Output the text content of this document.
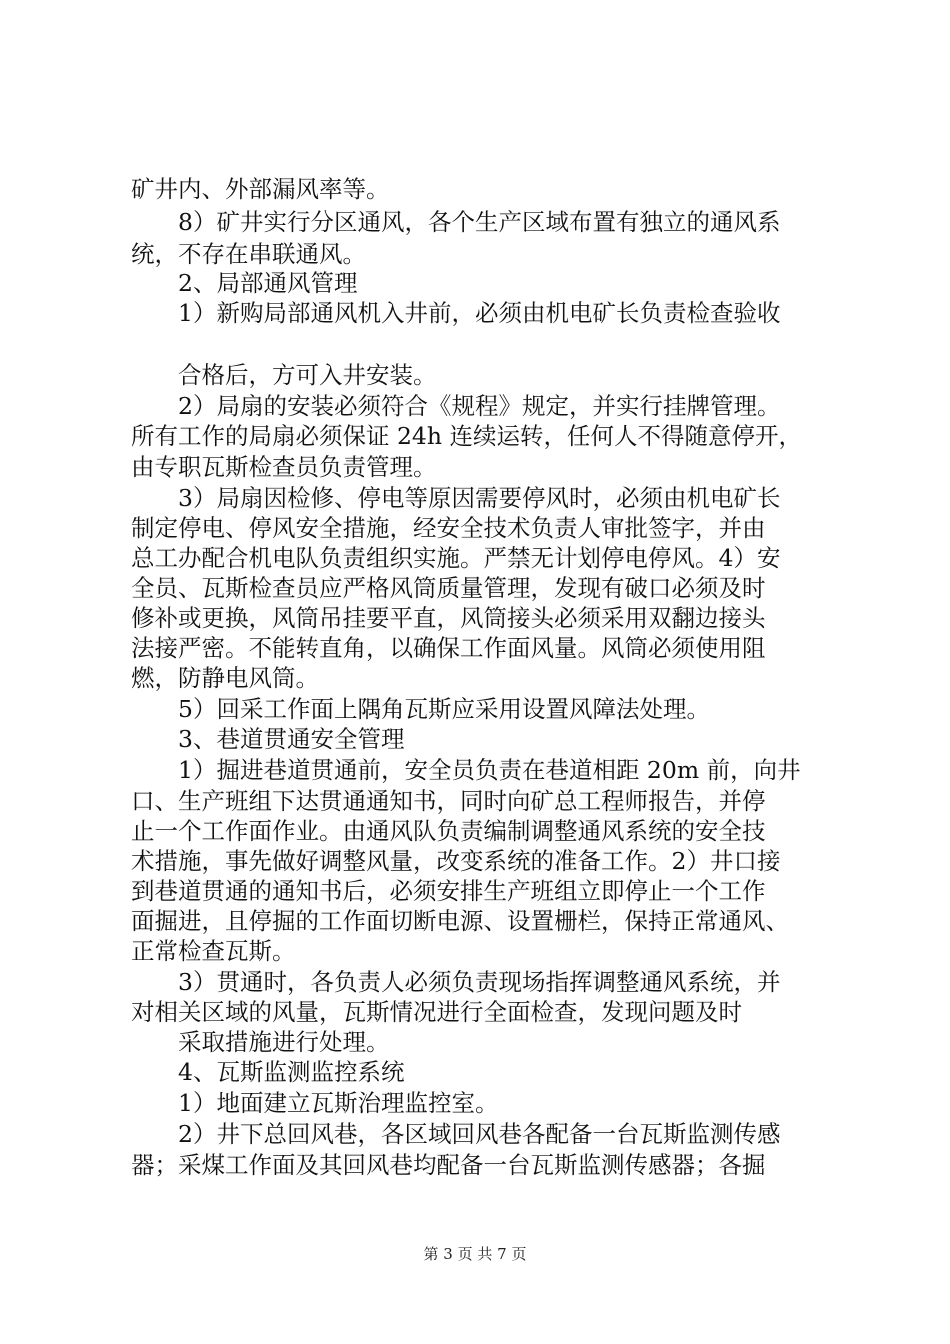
矿井内、外部漏风率等。
8）矿井实行分区通风，各个生产区域布置有独立的通风系
统，不存在串联通风。
2、局部通风管理
1）新购局部通风机入井前，必须由机电矿长负责检查验收
合格后，方可入井安装。
2）局扇的安装必须符合《规程》规定，并实行挂牌管理。
所有工作的局扇必须保证 24h 连续运转，任何人不得随意停开，
由专职瓦斯检查员负责管理。
3）局扇因检修、停电等原因需要停风时，必须由机电矿长
制定停电、停风安全措施，经安全技术负责人审批签字，并由
总工办配合机电队负责组织实施。严禁无计划停电停风。4）安
全员、瓦斯检查员应严格风筒质量管理，发现有破口必须及时
修补或更换，风筒吊挂要平直，风筒接头必须采用双翻边接头
法接严密。不能转直角，以确保工作面风量。风筒必须使用阻
燃，防静电风筒。
5）回采工作面上隅角瓦斯应采用设置风障法处理。
3、巷道贯通安全管理
1）掘进巷道贯通前，安全员负责在巷道相距 20m 前，向井
口、生产班组下达贯通通知书，同时向矿总工程师报告，并停
止一个工作面作业。由通风队负责编制调整通风系统的安全技
术措施，事先做好调整风量，改变系统的准备工作。2）井口接
到巷道贯通的通知书后，必须安排生产班组立即停止一个工作
面掘进，且停掘的工作面切断电源、设置栅栏，保持正常通风、
正常检查瓦斯。
3）贯通时，各负责人必须负责现场指挥调整通风系统，并
对相关区域的风量，瓦斯情况进行全面检查，发现问题及时
采取措施进行处理。
4、瓦斯监测监控系统
1）地面建立瓦斯治理监控室。
2）井下总回风巷，各区域回风巷各配备一台瓦斯监测传感
器；采煤工作面及其回风巷均配备一台瓦斯监测传感器；各掘
第 3 页 共 7 页
